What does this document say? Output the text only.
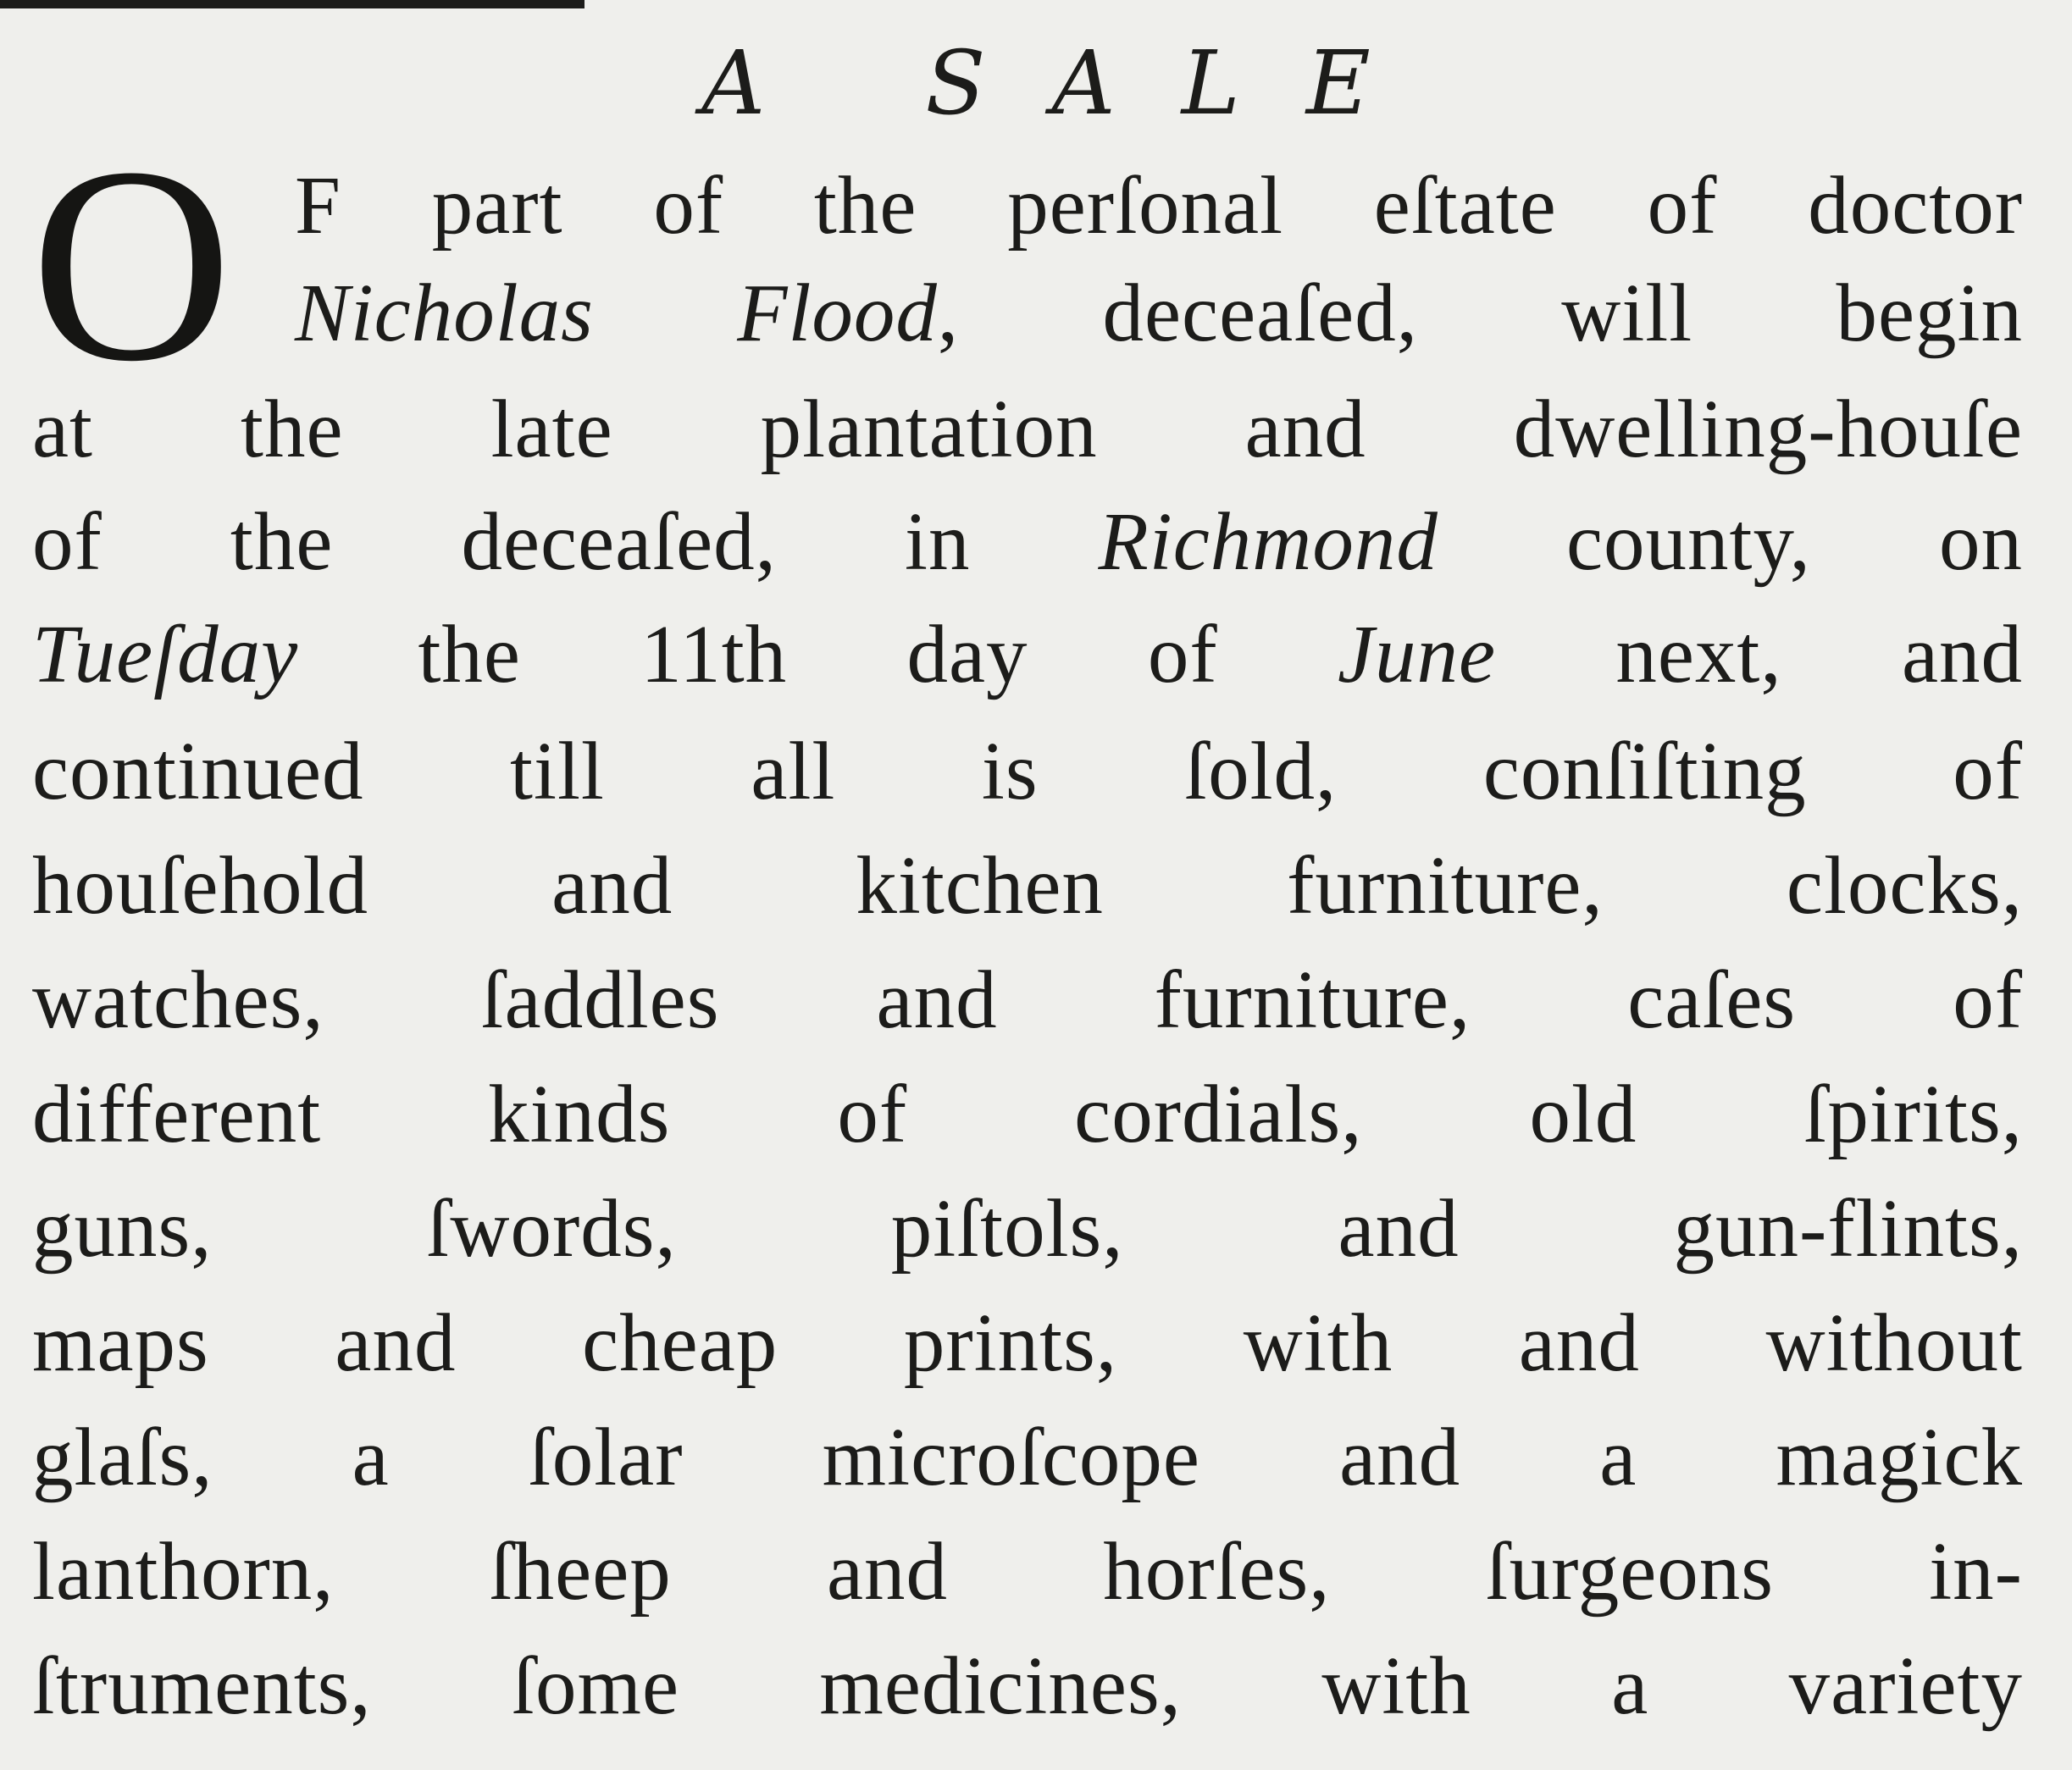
A SALE
O F part of the perſonal eſtate of doctor
Nicholas Flood, deceaſed, will begin
at the late plantation and dwelling-houſe
of the deceaſed, in Richmond county, on
Tueſday the 11th day of June next, and
continued till all is ſold, conſiſting of
houſehold and kitchen furniture, clocks,
watches, ſaddles and furniture, caſes of
different kinds of cordials, old ſpirits,
guns, ſwords, piſtols, and gun-flints,
maps and cheap prints, with and without
glaſs, a ſolar microſcope and a magick
lanthorn, ſheep and horſes, ſurgeons in-
ſtruments, ſome medicines, with a variety
